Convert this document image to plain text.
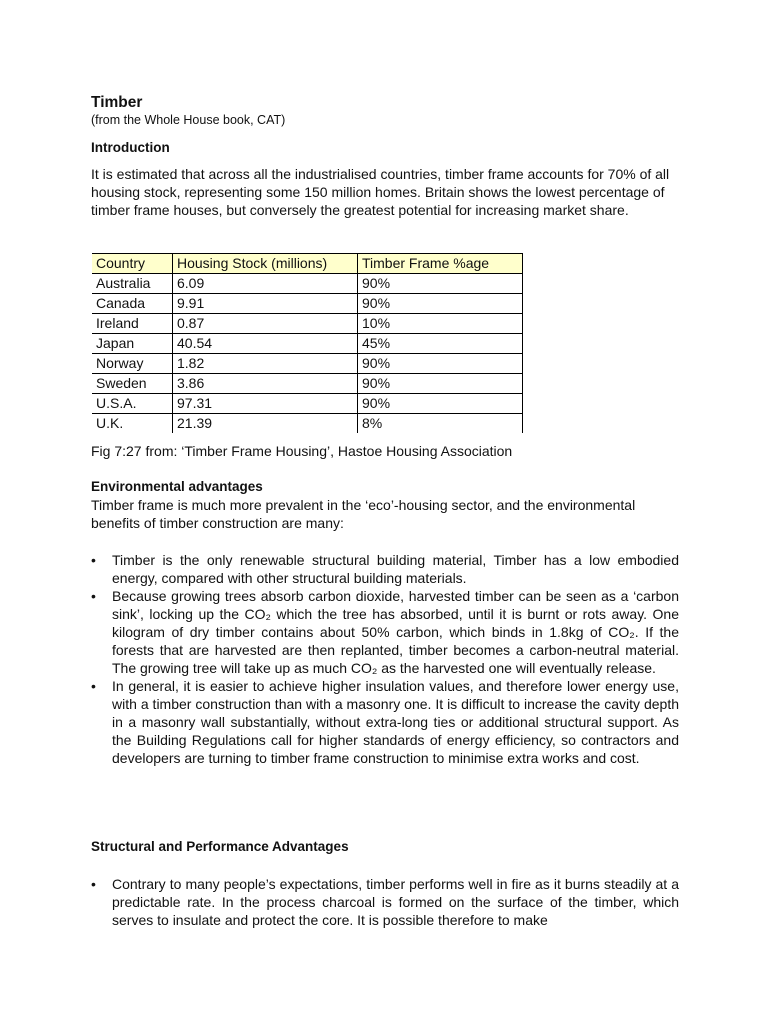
Timber
(from the Whole House book, CAT)
Introduction

It is estimated that across all the industrialised countries, timber frame accounts for 70% of all housing stock, representing some 150 million homes. Britain shows the lowest percentage of timber frame houses, but conversely the greatest potential for increasing market share.

Country	Housing Stock (millions)	Timber Frame %age
Australia	6.09	90%
Canada	9.91	90%
Ireland	0.87	10%
Japan	40.54	45%
Norway	1.82	90%
Sweden	3.86	90%
U.S.A.	97.31	90%
U.K.	21.39	8%
Fig 7:27 from: ‘Timber Frame Housing’, Hastoe Housing Association
Environmental advantages

Timber frame is much more prevalent in the ‘eco’-housing sector, and the environmental benefits of timber construction are many:

• Timber is the only renewable structural building material, Timber has a low embodied energy, compared with other structural building materials.
• Because growing trees absorb carbon dioxide, harvested timber can be seen as a ‘carbon sink’, locking up the CO₂ which the tree has absorbed, until it is burnt or rots away. One kilogram of dry timber contains about 50% carbon, which binds in 1.8kg of CO₂. If the forests that are harvested are then replanted, timber becomes a carbon-neutral material. The growing tree will take up as much CO₂ as the harvested one will eventually release.
• In general, it is easier to achieve higher insulation values, and therefore lower energy use, with a timber construction than with a masonry one. It is difficult to increase the cavity depth in a masonry wall substantially, without extra-long ties or additional structural support. As the Building Regulations call for higher standards of energy efficiency, so contractors and developers are turning to timber frame construction to minimise extra works and cost.
Structural and Performance Advantages
• Contrary to many people’s expectations, timber performs well in fire as it burns steadily at a predictable rate. In the process charcoal is formed on the surface of the timber, which serves to insulate and protect the core. It is possible therefore to make
